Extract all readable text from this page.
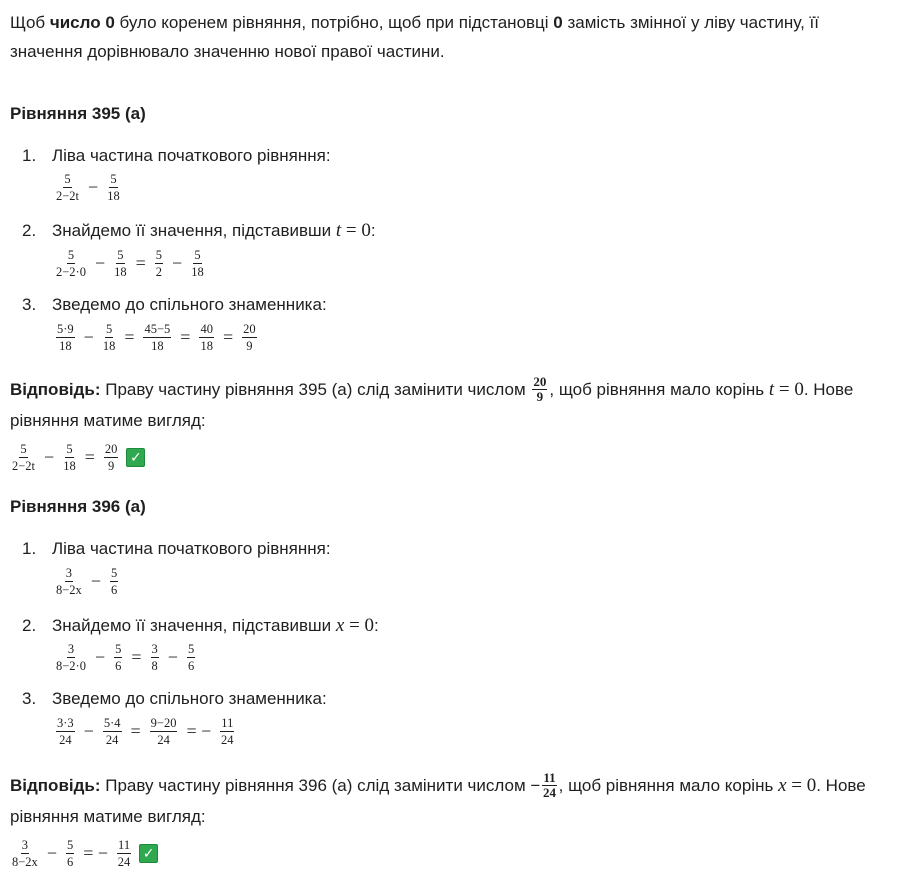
Щоб число 0 було коренем рівняння, потрібно, щоб при підстановці 0 замість змінної у ліву частину, її значення дорівнювало значенню нової правої частини.
Рівняння 395 (а)
1. Ліва частина початкового рівняння:
$\frac{5}{2-2t} - \frac{5}{18}$
2. Знайдемо її значення, підставивши t = 0:
$\frac{5}{2-2\cdot 0} - \frac{5}{18} = \frac{5}{2} - \frac{5}{18}$
3. Зведемо до спільного знаменника:
$\frac{5\cdot 9}{18} - \frac{5}{18} = \frac{45-5}{18} = \frac{40}{18} = \frac{20}{9}$
Відповідь: Праву частину рівняння 395 (а) слід замінити числом $\frac{20}{9}$ , щоб рівняння мало корінь t = 0. Нове рівняння матиме вигляд:
$\frac{5}{2-2t} - \frac{5}{18} = \frac{20}{9}$ ✓
Рівняння 396 (а)
1. Ліва частина початкового рівняння:
$\frac{3}{8-2x} - \frac{5}{6}$
2. Знайдемо її значення, підставивши x = 0:
$\frac{3}{8-2\cdot 0} - \frac{5}{6} = \frac{3}{8} - \frac{5}{6}$
3. Зведемо до спільного знаменника:
$\frac{3\cdot 3}{24} - \frac{5\cdot 4}{24} = \frac{9-20}{24}$ = − $\frac{11}{24}$
Відповідь: Праву частину рівняння 396 (а) слід замінити числом − $\frac{11}{24}$ , щоб рівняння мало корінь x = 0. Нове рівняння матиме вигляд:
$\frac{3}{8-2x} - \frac{5}{6}$ = − $\frac{11}{24}$ ✓
